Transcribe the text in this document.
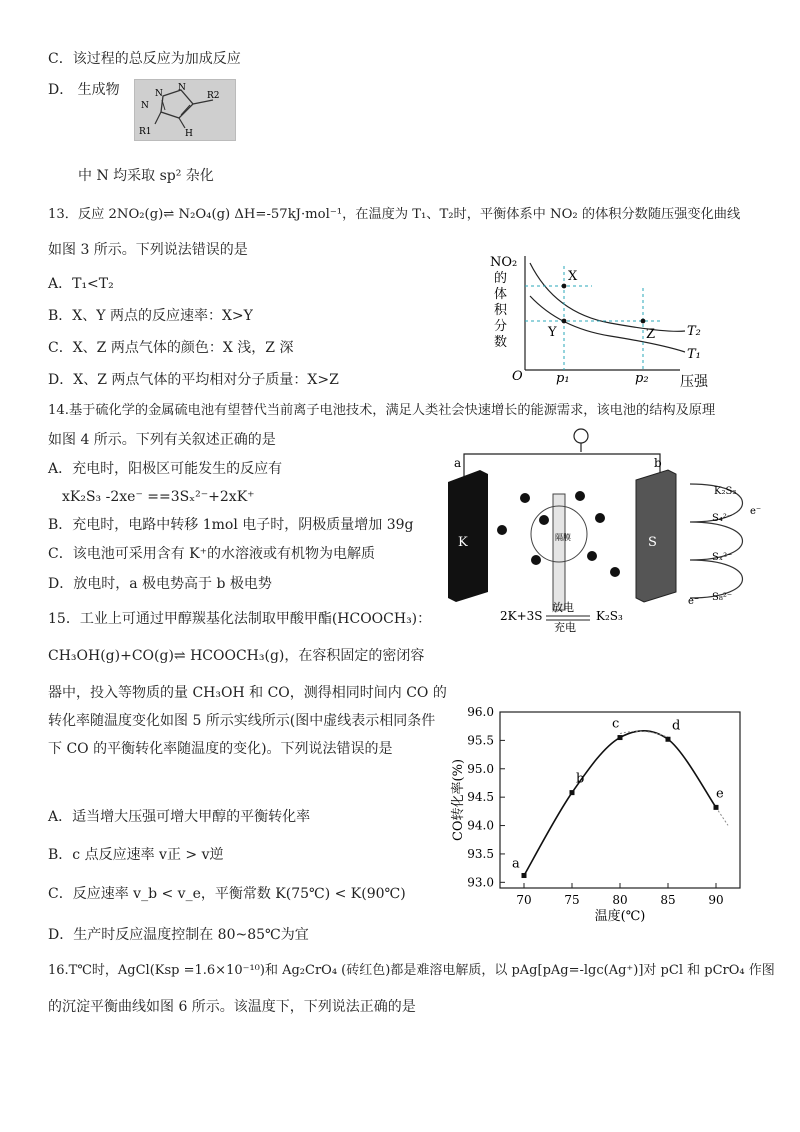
C．该过程的总反应为加成反应
D． 生成物	N
N
N
R2
R1	H
中 N 均采取 sp² 杂化
13．反应 2NO₂(g)⇌ N₂O₄(g) ΔH=-57kJ·mol⁻¹，在温度为 T₁、T₂时，平衡体系中 NO₂ 的体积分数随压强变化曲线
如图 3 所示。下列说法错误的是
A．T₁<T₂
B．X、Y 两点的反应速率：X>Y
C．X、Z 两点气体的颜色：X 浅，Z 深
D．X、Z 两点气体的平均相对分子质量：X>Z
NO₂
的
体
积
分
数
X
Y	Z T₂
T₁
O	p₁	p₂ 压强
14.基于硫化学的金属硫电池有望替代当前离子电池技术，满足人类社会快速增长的能源需求，该电池的结构及原理
如图 4 所示。下列有关叙述正确的是
A．充电时，阳极区可能发生的反应有
xK₂S₃ -2xe⁻ ==3Sₓ²⁻+2xK⁺
B．充电时，电路中转移 1mol 电子时，阴极质量增加 39g
C．该电池可采用含有 K⁺的水溶液或有机物为电解质
D．放电时，a 极电势高于 b 极电势
a	b
K	S
隔膜
K₂S₃
S₄²⁻
Sₓ²⁻
S₈²⁻
e⁻
e⁻
2K+3S
放电
充电
K₂S₃
15．工业上可通过甲醇羰基化法制取甲酸甲酯(HCOOCH₃)：
CH₃OH(g)+CO(g)⇌ HCOOCH₃(g)，在容积固定的密闭容
器中，投入等物质的量 CH₃OH 和 CO，测得相同时间内 CO 的
转化率随温度变化如图 5 所示实线所示(图中虚线表示相同条件
下 CO 的平衡转化率随温度的变化)。下列说法错误的是
A．适当增大压强可增大甲醇的平衡转化率
B．c 点反应速率 v正 > v逆
C．反应速率 v_b < v_e，平衡常数 K(75℃) < K(90℃)
D．生产时反应温度控制在 80~85℃为宜
70	75	80	85	90
93.0
93.5
94.0
94.5
95.0
95.5
96.0
温度(℃)
CO转化率(%)
a
b
c	d
e
16.T℃时，AgCl(Ksp =1.6×10⁻¹⁰)和 Ag₂CrO₄ (砖红色)都是难溶电解质，以 pAg[pAg=-lgc(Ag⁺)]对 pCl 和 pCrO₄ 作图
的沉淀平衡曲线如图 6 所示。该温度下，下列说法正确的是
